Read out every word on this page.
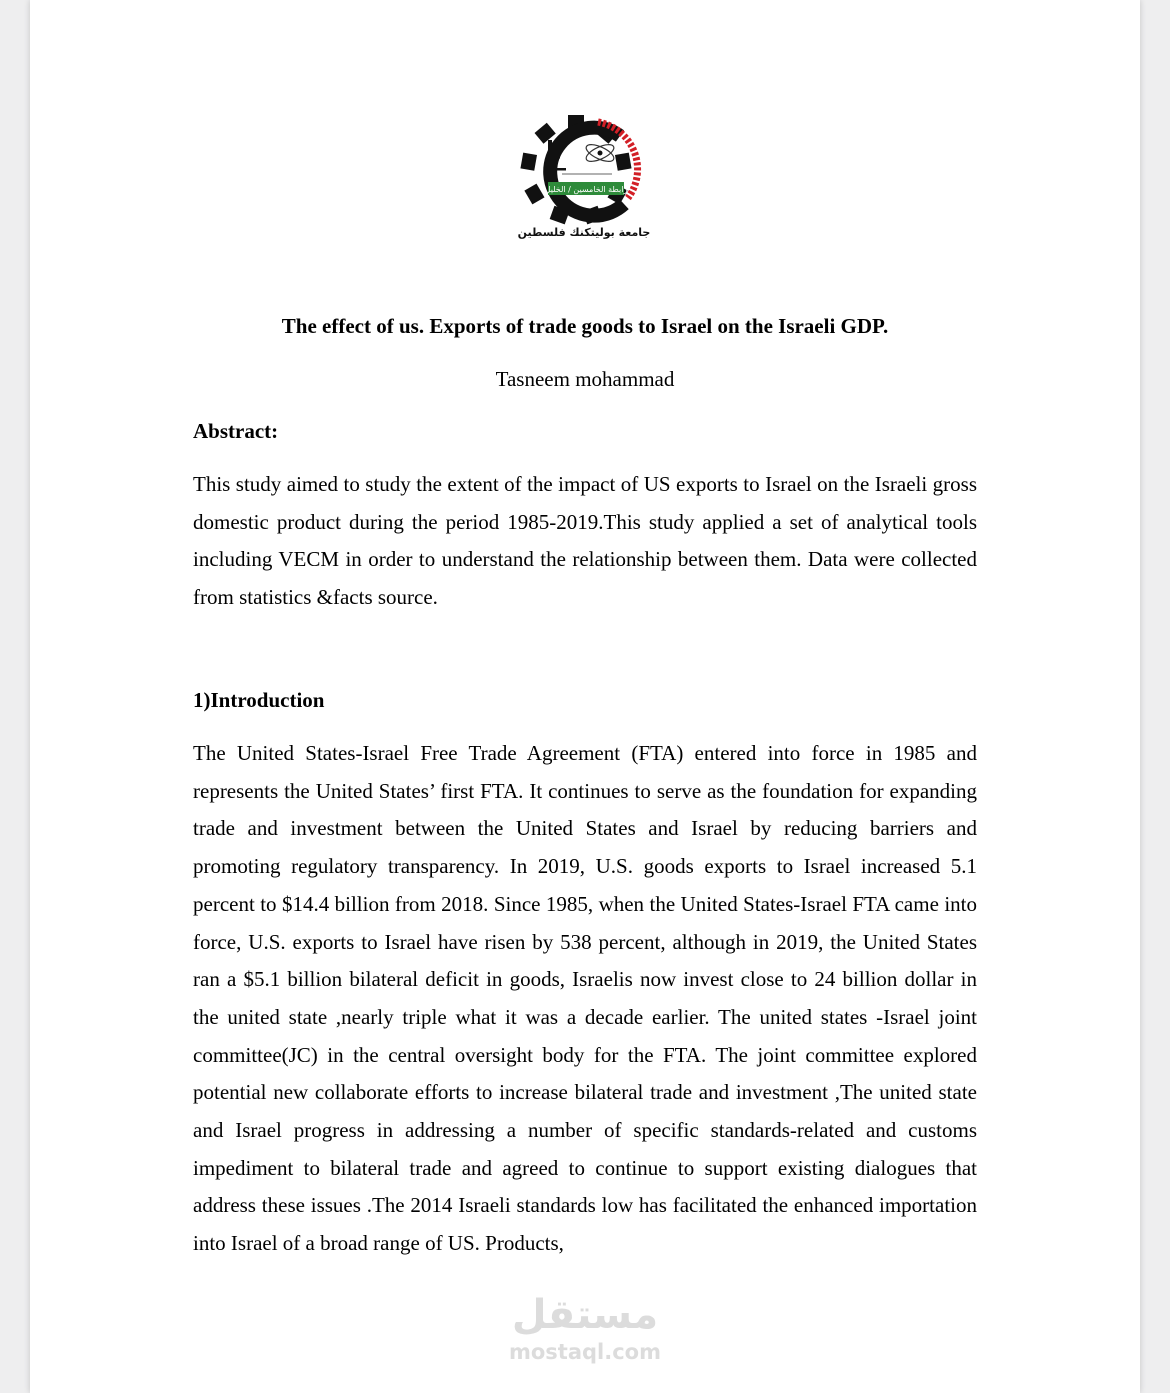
رابطة الخامسين / الخليل
جامعة بوليتكنك فلسطين
The effect of us. Exports of trade goods to Israel on the Israeli GDP.
Tasneem mohammad
Abstract:
This study aimed to study the extent of the impact of US exports to Israel on the Israeli gross domestic product during the period 1985-2019.This study applied a set of analytical tools including VECM in order to understand the relationship between them. Data were collected from statistics &facts source.
1)Introduction
The United States-Israel Free Trade Agreement (FTA) entered into force in 1985 and represents the United States’ first FTA. It continues to serve as the foundation for expanding trade and investment between the United States and Israel by reducing barriers and promoting regulatory transparency. In 2019, U.S. goods exports to Israel increased 5.1 percent to $14.4 billion from 2018. Since 1985, when the United States-Israel FTA came into force, U.S. exports to Israel have risen by 538 percent, although in 2019, the United States ran a $5.1 billion bilateral deficit in goods, Israelis now invest close to 24 billion dollar in the united state ,nearly triple what it was a decade earlier. The united states -Israel joint committee(JC) in the central oversight body for the FTA. The joint committee explored potential new collaborate efforts to increase bilateral trade and investment ,The united state and Israel progress in addressing a number of specific standards-related and customs impediment to bilateral trade and agreed to continue to support existing dialogues that address these issues .The 2014 Israeli standards low has facilitated the enhanced importation into Israel of a broad range of US. Products,
مستقل
mostaql.com
